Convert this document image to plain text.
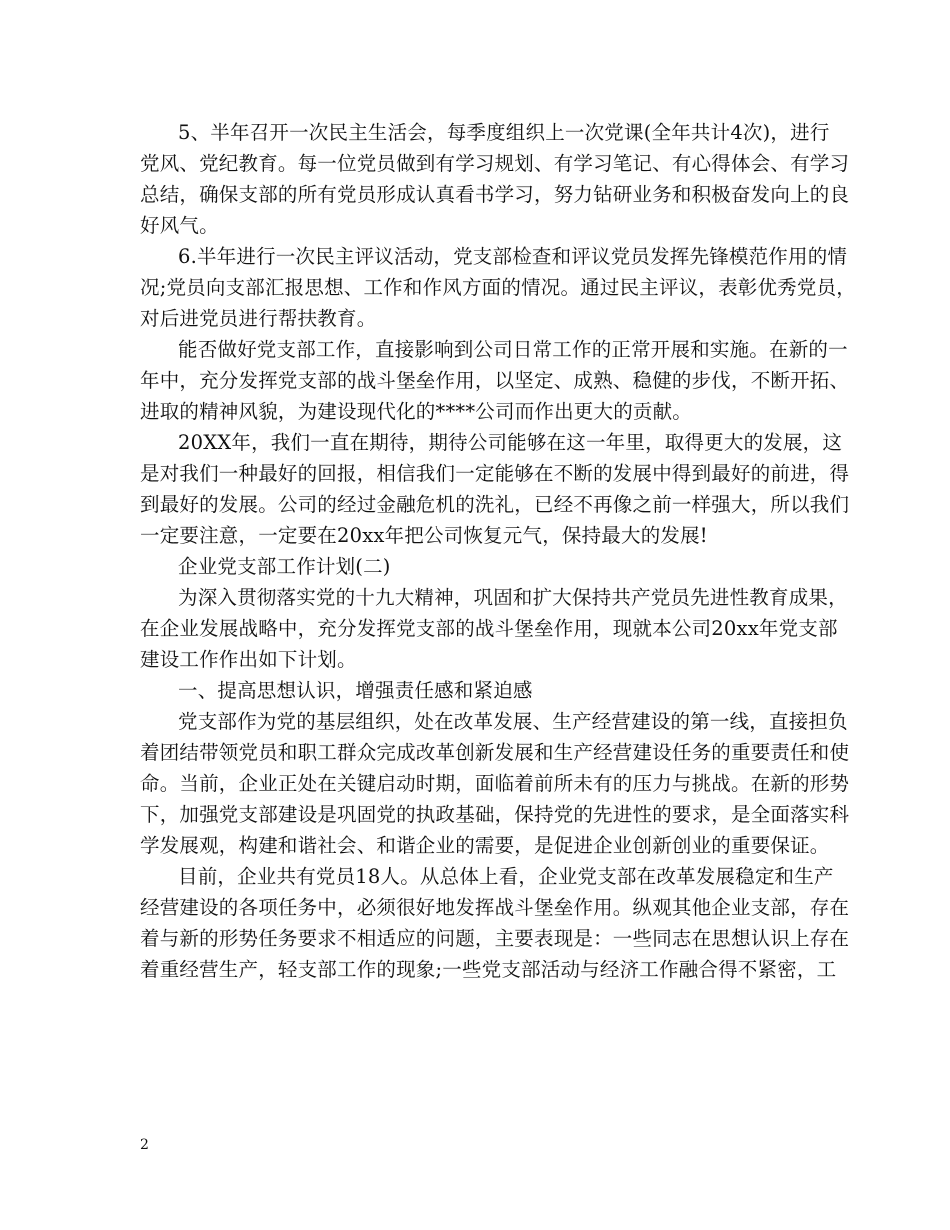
5、半年召开一次民主生活会，每季度组织上一次党课(全年共计4次)，进行
党风、党纪教育。每一位党员做到有学习规划、有学习笔记、有心得体会、有学习
总结，确保支部的所有党员形成认真看书学习，努力钻研业务和积极奋发向上的良
好风气。

6.半年进行一次民主评议活动，党支部检查和评议党员发挥先锋模范作用的情
况;党员向支部汇报思想、工作和作风方面的情况。通过民主评议，表彰优秀党员，
对后进党员进行帮扶教育。

能否做好党支部工作，直接影响到公司日常工作的正常开展和实施。在新的一
年中，充分发挥党支部的战斗堡垒作用，以坚定、成熟、稳健的步伐，不断开拓、
进取的精神风貌，为建设现代化的****公司而作出更大的贡献。

20XX年，我们一直在期待，期待公司能够在这一年里，取得更大的发展，这
是对我们一种最好的回报，相信我们一定能够在不断的发展中得到最好的前进，得
到最好的发展。公司的经过金融危机的洗礼，已经不再像之前一样强大，所以我们
一定要注意，一定要在20xx年把公司恢复元气，保持最大的发展!

企业党支部工作计划(二)

为深入贯彻落实党的十九大精神，巩固和扩大保持共产党员先进性教育成果，
在企业发展战略中，充分发挥党支部的战斗堡垒作用，现就本公司20xx年党支部
建设工作作出如下计划。

一、提高思想认识，增强责任感和紧迫感

党支部作为党的基层组织，处在改革发展、生产经营建设的第一线，直接担负
着团结带领党员和职工群众完成改革创新发展和生产经营建设任务的重要责任和使
命。当前，企业正处在关键启动时期，面临着前所未有的压力与挑战。在新的形势
下，加强党支部建设是巩固党的执政基础，保持党的先进性的要求，是全面落实科
学发展观，构建和谐社会、和谐企业的需要，是促进企业创新创业的重要保证。

目前，企业共有党员18人。从总体上看，企业党支部在改革发展稳定和生产
经营建设的各项任务中，必须很好地发挥战斗堡垒作用。纵观其他企业支部，存在
着与新的形势任务要求不相适应的问题，主要表现是：一些同志在思想认识上存在
着重经营生产，轻支部工作的现象;一些党支部活动与经济工作融合得不紧密，工

2
